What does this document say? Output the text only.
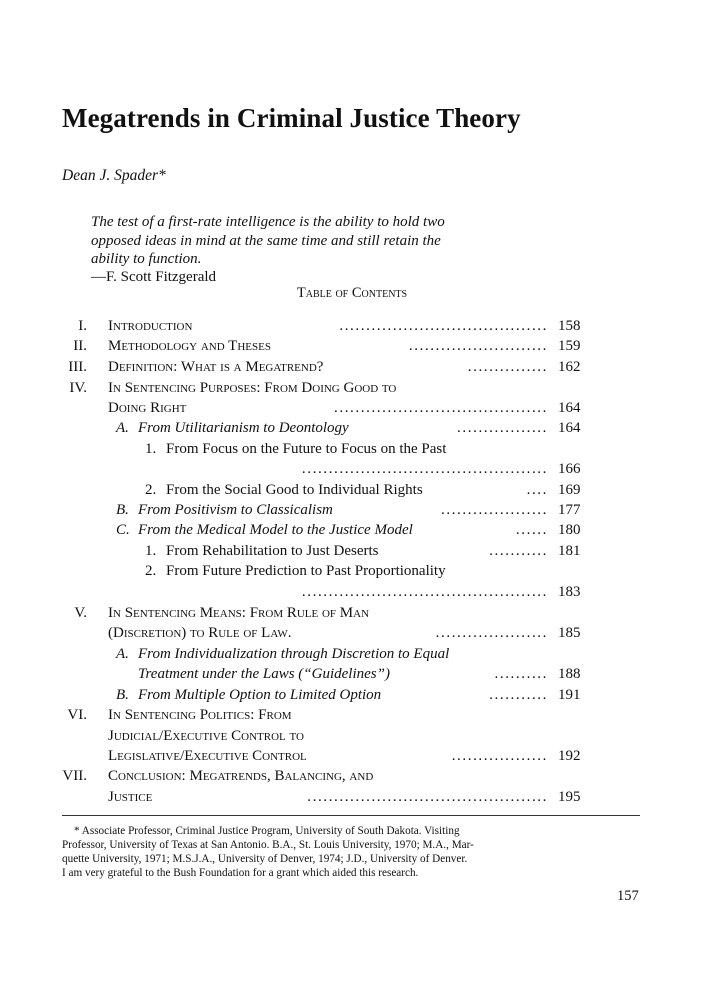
Megatrends in Criminal Justice Theory
Dean J. Spader*
The test of a first-rate intelligence is the ability to hold two
opposed ideas in mind at the same time and still retain the
ability to function.
—F. Scott Fitzgerald
Table of Contents
I. Introduction	....................................... 158
II. Methodology and Theses	.......................... 159
III. Definition: What is a Megatrend?	............... 162
IV. In Sentencing Purposes: From Doing Good to
Doing Right	........................................ 164
A. From Utilitarianism to Deontology	................. 164
1. From Focus on the Future to Focus on the Past
.............................................. 166
2. From the Social Good to Individual Rights	.... 169
B. From Positivism to Classicalism	.................... 177
C. From the Medical Model to the Justice Model	...... 180
1. From Rehabilitation to Just Deserts	........... 181
2. From Future Prediction to Past Proportionality
.............................................. 183
V. In Sentencing Means: From Rule of Man
(Discretion) to Rule of Law.	..................... 185
A. From Individualization through Discretion to Equal
Treatment under the Laws (“Guidelines”)	.......... 188
B. From Multiple Option to Limited Option	........... 191
VI. In Sentencing Politics: From
Judicial/Executive Control to
Legislative/Executive Control	.................. 192
VII. Conclusion: Megatrends, Balancing, and
Justice	............................................. 195
* Associate Professor, Criminal Justice Program, University of South Dakota. Visiting
Professor, University of Texas at San Antonio. B.A., St. Louis University, 1970; M.A., Mar-
quette University, 1971; M.S.J.A., University of Denver, 1974; J.D., University of Denver.
I am very grateful to the Bush Foundation for a grant which aided this research.
157
